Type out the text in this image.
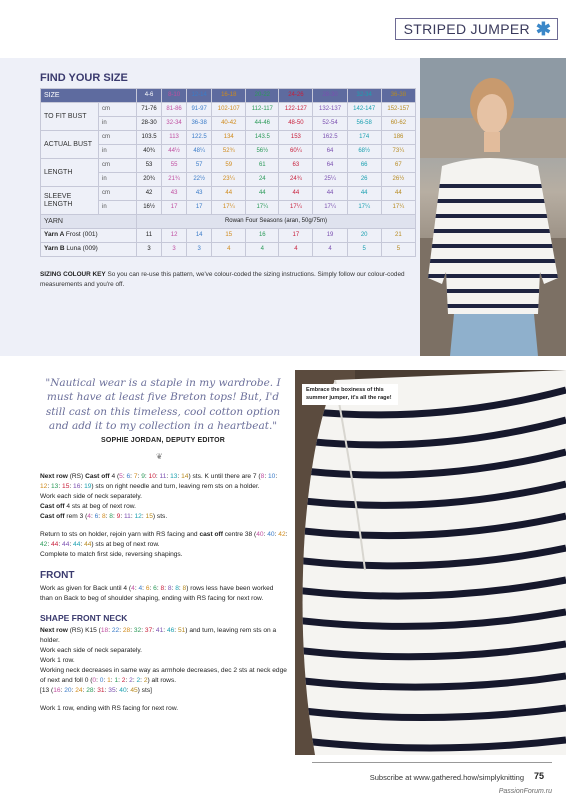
STRIPED JUMPER ✱
FIND YOUR SIZE
SIZE		4-6	8-10	12-14	16-18	20-22	24-26	28-30	32-34	36-38
TO FIT BUST	cm	71-76	81-86	91-97	102-107	112-117	122-127	132-137	142-147	152-157
	in	28-30	32-34	36-38	40-42	44-46	48-50	52-54	56-58	60-62
ACTUAL BUST	cm	103.5	113	122.5	134	143.5	153	162.5	174	186
	in	40¾	44½	48¼	52¾	56½	60¼	64	68½	73¼
LENGTH	cm	53	55	57	59	61	63	64	66	67
	in	20¾	21¾	22½	23¼	24	24¾	25¼	26	26½
SLEEVE LENGTH	cm	42	43	43	44	44	44	44	44	44
	in	16½	17	17	17¼	17¼	17¼	17¼	17¼	17¼
YARN		Rowan Four Seasons (aran, 50g/75m)								
Yarn A Frost (001)		11	12	14	15	16	17	19	20	21
Yarn B Luna (009)		3	3	3	4	4	4	4	5	5
SIZING COLOUR KEY So you can re-use this pattern, we've colour-coded the sizing instructions. Simply follow our colour-coded measurements and you're off.
"Nautical wear is a staple in my wardrobe. I must have at least five Breton tops! But, I'd still cast on this timeless, cool cotton option and add it to my collection in a heartbeat."
SOPHIE JORDAN, DEPUTY EDITOR
❦

Next row (RS) Cast off 4 (5: 6: 7: 9: 10: 11: 13: 14) sts. K until there are 7 (8: 10: 12: 13: 15: 16: 19) sts on right needle and turn, leaving rem sts on a holder.

Work each side of neck separately.

Cast off 4 sts at beg of next row.

Cast off rem 3 (4: 6: 8: 8: 9: 11: 12: 15) sts.

Return to sts on holder, rejoin yarn with RS facing and cast off centre 38 (40: 40: 42: 42: 44: 44: 44: 44) sts at beg of next row.

Complete to match first side, reversing shapings.

FRONT

Work as given for Back until 4 (4: 4: 6: 6: 8: 8: 8: 8) rows less have been worked than on Back to beg of shoulder shaping, ending with RS facing for next row.

SHAPE FRONT NECK

Next row (RS) K15 (18: 22: 28: 32: 37: 41: 46: 51) and turn, leaving rem sts on a holder.

Work each side of neck separately.

Work 1 row.

Working neck decreases in same way as armhole decreases, dec 2 sts at neck edge of next and foll 0 (0: 0: 1: 1: 2: 2: 2: 2) alt rows.

[13 (16: 20: 24: 28: 31: 35: 40: 45) sts]

Work 1 row, ending with RS facing for next row.

Embrace the boxiness of this summer jumper, it's all the rage!
Subscribe at www.gathered.how/simplyknitting 75
PassionForum.ru
